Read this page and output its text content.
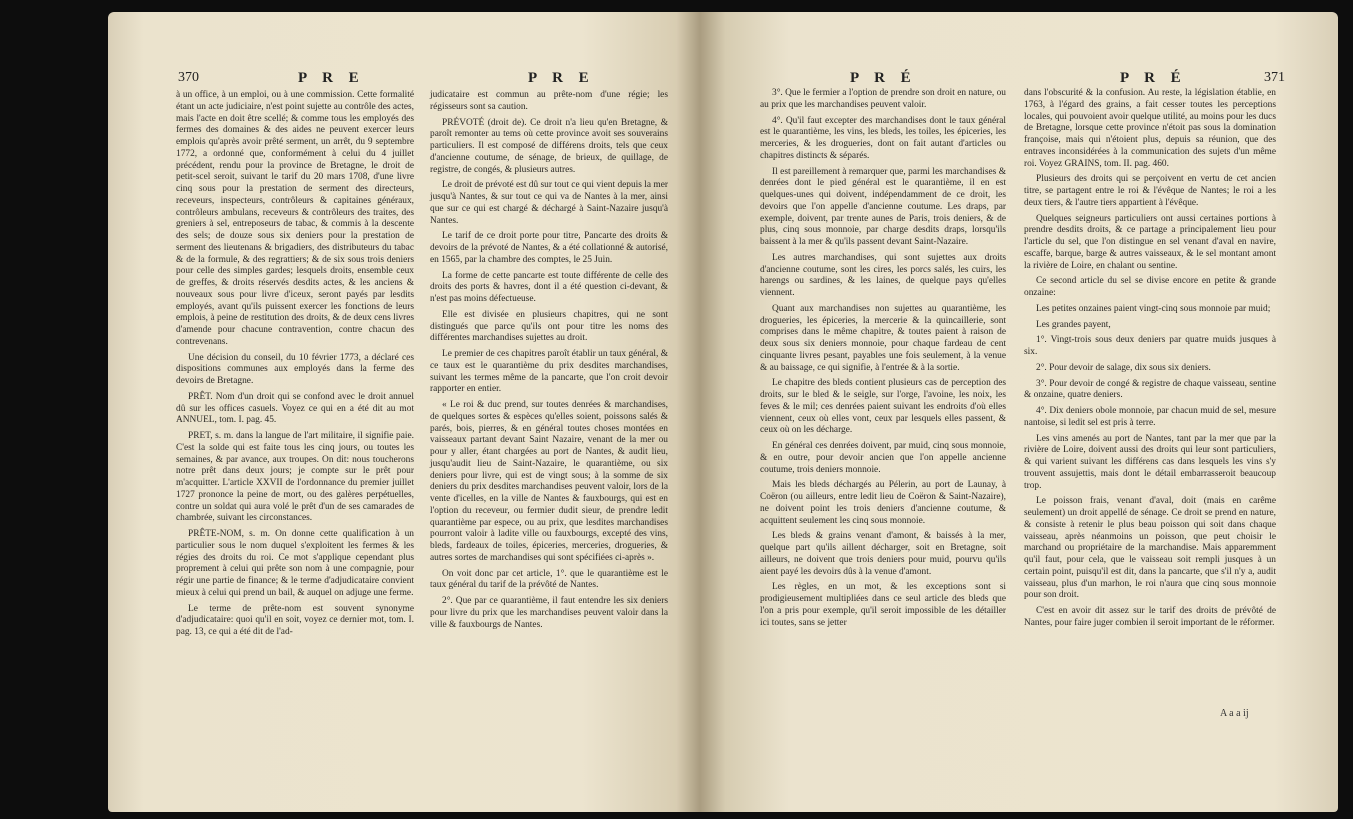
370	P R E	P R E

à un office, à un emploi, ou à une commission. Cette formalité étant un acte judiciaire, n'est point sujette au contrôle des actes, mais l'acte en doit être scellé; & comme tous les employés des fermes des domaines & des aides ne peuvent exercer leurs emplois qu'après avoir prêté serment, un arrêt, du 9 septembre 1772, a ordonné que, conformément à celui du 4 juillet précédent, rendu pour la province de Bretagne, le droit de petit-scel seroit, suivant le tarif du 20 mars 1708, d'une livre cinq sous pour la prestation de serment des directeurs, receveurs, inspecteurs, contrôleurs & capitaines généraux, contrôleurs ambulans, receveurs & contrôleurs des traites, des greniers à sel, entreposeurs de tabac, & commis à la descente des sels; de douze sous six deniers pour la prestation de serment des lieutenans & brigadiers, des distributeurs du tabac & de la formule, & des regrattiers; & de six sous trois deniers pour celle des simples gardes; lesquels droits, ensemble ceux de greffes, & droits réservés desdits actes, & les anciens & nouveaux sous pour livre d'iceux, seront payés par lesdits employés, avant qu'ils puissent exercer les fonctions de leurs emplois, à peine de restitution des droits, & de deux cens livres d'amende pour chacune contravention, contre chacun des contrevenans.

Une décision du conseil, du 10 février 1773, a déclaré ces dispositions communes aux employés dans la ferme des devoirs de Bretagne.

PRÊT. Nom d'un droit qui se confond avec le droit annuel dû sur les offices casuels. Voyez ce qui en a été dit au mot ANNUEL, tom. I. pag. 45.

PRET, s. m. dans la langue de l'art militaire, il signifie paie. C'est la solde qui est faite tous les cinq jours, ou toutes les semaines, & par avance, aux troupes. On dit: nous toucherons notre prêt dans deux jours; je compte sur le prêt pour m'acquitter. L'article XXVII de l'ordonnance du premier juillet 1727 prononce la peine de mort, ou des galères perpétuelles, contre un soldat qui aura volé le prêt d'un de ses camarades de chambrée, suivant les circonstances.

PRÊTE-NOM, s. m. On donne cette qualification à un particulier sous le nom duquel s'exploitent les fermes & les régies des droits du roi. Ce mot s'applique cependant plus proprement à celui qui prête son nom à une compagnie, pour régir une partie de finance; & le terme d'adjudicataire convient mieux à celui qui prend un bail, & auquel on adjuge une ferme.

Le terme de prête-nom est souvent synonyme d'adjudicataire: quoi qu'il en soit, voyez ce dernier mot, tom. I. pag. 13, ce qui a été dit de l'ad-

judicataire est commun au prête-nom d'une régie; les régisseurs sont sa caution.

PRÉVOTÉ (droit de). Ce droit n'a lieu qu'en Bretagne, & paroît remonter au tems où cette province avoit ses souverains particuliers. Il est composé de différens droits, tels que ceux d'ancienne coutume, de sénage, de brieux, de quillage, de registre, de congés, & plusieurs autres.

Le droit de prévoté est dû sur tout ce qui vient depuis la mer jusqu'à Nantes, & sur tout ce qui va de Nantes à la mer, ainsi que sur ce qui est chargé & déchargé à Saint-Nazaire jusqu'à Nantes.

Le tarif de ce droit porte pour titre, Pancarte des droits & devoirs de la prévoté de Nantes, & a été collationné & autorisé, en 1565, par la chambre des comptes, le 25 Juin.

La forme de cette pancarte est toute différente de celle des droits des ports & havres, dont il a été question ci-devant, & n'est pas moins défectueuse.

Elle est divisée en plusieurs chapitres, qui ne sont distingués que parce qu'ils ont pour titre les noms des différentes marchandises sujettes au droit.

Le premier de ces chapitres paroît établir un taux général, & ce taux est le quarantième du prix desdites marchandises, suivant les termes même de la pancarte, que l'on croit devoir rapporter en entier.

« Le roi & duc prend, sur toutes denrées & marchandises, de quelques sortes & espèces qu'elles soient, poissons salés & parés, bois, pierres, & en général toutes choses montées en vaisseaux partant devant Saint Nazaire, venant de la mer ou pour y aller, étant chargées au port de Nantes, & audit lieu, jusqu'audit lieu de Saint-Nazaire, le quarantième, ou six deniers pour livre, qui est de vingt sous; à la somme de six deniers du prix desdites marchandises peuvent valoir, lors de la vente d'icelles, en la ville de Nantes & fauxbourgs, qui est en l'option du receveur, ou fermier dudit sieur, de prendre ledit quarantième par espece, ou au prix, que lesdites marchandises pourront valoir à ladite ville ou fauxbourgs, excepté des vins, bleds, fardeaux de toiles, épiceries, merceries, drogueries, & autres sortes de marchandises qui sont spécifiées ci-après ».

On voit donc par cet article, 1°. que le quarantième est le taux général du tarif de la prévôté de Nantes.

2°. Que par ce quarantième, il faut entendre les six deniers pour livre du prix que les marchandises peuvent valoir dans la ville & fauxbourgs de Nantes.

P R É	P R É	371

3°. Que le fermier a l'option de prendre son droit en nature, ou au prix que les marchandises peuvent valoir.

4°. Qu'il faut excepter des marchandises dont le taux général est le quarantième, les vins, les bleds, les toiles, les épiceries, les merceries, & les drogueries, dont on fait autant d'articles ou chapitres distincts & séparés.

Il est pareillement à remarquer que, parmi les marchandises & denrées dont le pied général est le quarantième, il en est quelques-unes qui doivent, indépendamment de ce droit, les devoirs que l'on appelle d'ancienne coutume. Les draps, par exemple, doivent, par trente aunes de Paris, trois deniers, & de plus, cinq sous monnoie, par charge desdits draps, lorsqu'ils baissent à la mer & qu'ils passent devant Saint-Nazaire.

Les autres marchandises, qui sont sujettes aux droits d'ancienne coutume, sont les cires, les porcs salés, les cuirs, les harengs ou sardines, & les laines, de quelque pays qu'elles viennent.

Quant aux marchandises non sujettes au quarantième, les drogueries, les épiceries, la mercerie & la quincaillerie, sont comprises dans le même chapitre, & toutes paient à raison de deux sous six deniers monnoie, pour chaque fardeau de cent cinquante livres pesant, payables une fois seulement, à la venue & au baissage, ce qui signifie, à l'entrée & à la sortie.

Le chapitre des bleds contient plusieurs cas de perception des droits, sur le bled & le seigle, sur l'orge, l'avoine, les noix, les feves & le mil; ces denrées paient suivant les endroits d'où elles viennent, ceux où elles vont, ceux par lesquels elles passent, & ceux où on les décharge.

En général ces denrées doivent, par muid, cinq sous monnoie, & en outre, pour devoir ancien que l'on appelle ancienne coutume, trois deniers monnoie.

Mais les bleds déchargés au Pélerin, au port de Launay, à Coëron (ou ailleurs, entre ledit lieu de Coëron & Saint-Nazaire), ne doivent point les trois deniers d'ancienne coutume, & acquittent seulement les cinq sous monnoie.

Les bleds & grains venant d'amont, & baissés à la mer, quelque part qu'ils aillent décharger, soit en Bretagne, soit ailleurs, ne doivent que trois deniers pour muid, pourvu qu'ils aient payé les devoirs dûs à la venue d'amont.

Les règles, en un mot, & les exceptions sont si prodigieusement multipliées dans ce seul article des bleds que l'on a pris pour exemple, qu'il seroit impossible de les détailler ici toutes, sans se jetter

dans l'obscurité & la confusion. Au reste, la législation établie, en 1763, à l'égard des grains, a fait cesser toutes les perceptions locales, qui pouvoient avoir quelque utilité, au moins pour les ducs de Bretagne, lorsque cette province n'étoit pas sous la domination françoise, mais qui n'étoient plus, depuis sa réunion, que des entraves inconsidérées à la communication des sujets d'un même roi. Voyez GRAINS, tom. II. pag. 460.

Plusieurs des droits qui se perçoivent en vertu de cet ancien titre, se partagent entre le roi & l'évêque de Nantes; le roi a les deux tiers, & l'autre tiers appartient à l'évêque.

Quelques seigneurs particuliers ont aussi certaines portions à prendre desdits droits, & ce partage a principalement lieu pour l'article du sel, que l'on distingue en sel venant d'aval en navire, escaffe, barque, barge & autres vaisseaux, & le sel montant amont la rivière de Loire, en chalant ou sentine.

Ce second article du sel se divise encore en petite & grande onzaine:

Les petites onzaines paient vingt-cinq sous monnoie par muid;

Les grandes payent,

1°. Vingt-trois sous deux deniers par quatre muids jusques à six.

2°. Pour devoir de salage, dix sous six deniers.

3°. Pour devoir de congé & registre de chaque vaisseau, sentine & onzaine, quatre deniers.

4°. Dix deniers obole monnoie, par chacun muid de sel, mesure nantoise, si ledit sel est pris à terre.

Les vins amenés au port de Nantes, tant par la mer que par la rivière de Loire, doivent aussi des droits qui leur sont particuliers, & qui varient suivant les différens cas dans lesquels les vins s'y trouvent assujettis, mais dont le détail embarrasseroit beaucoup trop.

Le poisson frais, venant d'aval, doit (mais en carême seulement) un droit appellé de sénage. Ce droit se prend en nature, & consiste à retenir le plus beau poisson qui soit dans chaque vaisseau, après néanmoins un poisson, que peut choisir le marchand ou propriétaire de la marchandise. Mais apparemment qu'il faut, pour cela, que le vaisseau soit rempli jusques à un certain point, puisqu'il est dit, dans la pancarte, que s'il n'y a, audit vaisseau, plus d'un marhon, le roi n'aura que cinq sous monnoie pour son droit.

C'est en avoir dit assez sur le tarif des droits de prévôté de Nantes, pour faire juger combien il seroit important de le réformer.

A a a ij
